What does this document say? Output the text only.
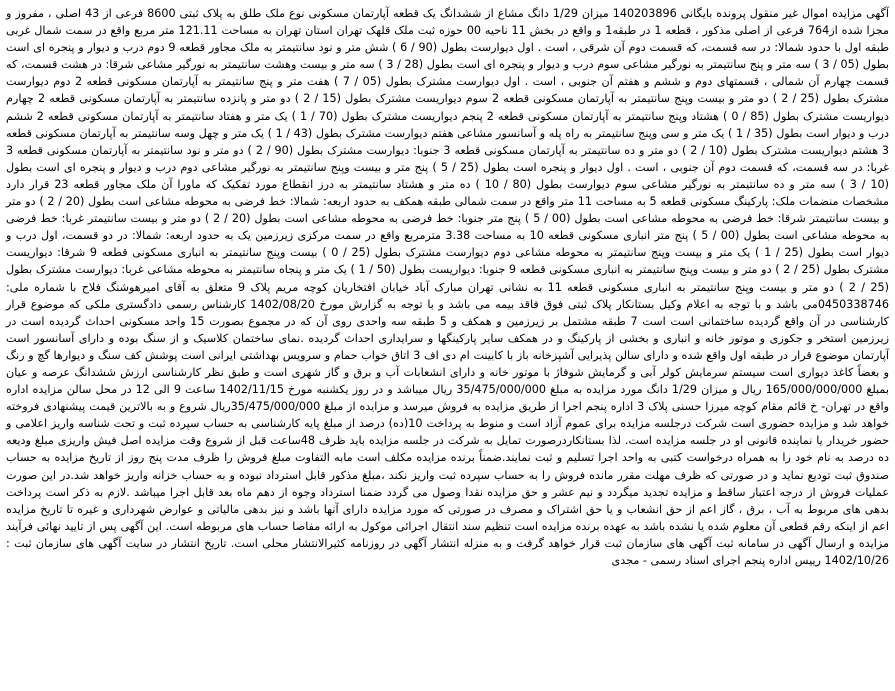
آگهی مزایده اموال غیر منقول پرونده بایگانی 140203896 میزان 1/29 دانگ مشاع از ششدانگ یک قطعه آپارتمان مسکونی نوع ملک طلق به پلاک ثبتی 8600 فرعی از 43 اصلی ، مفروز و مجزا شده از764 فرعی از اصلی مذکور ، قطعه 1 در طبقه1 و واقع در بخش 11 ناحیه 00 حوزه ثبت ملک قلهک تهران استان تهران به مساحت 121.11 متر مربع واقع در سمت شمال غربی طبقه اول با حدود شمالا: در سه قسمت، که قسمت دوم آن شرقی ، است . اول دیوارست بطول (90 / 6 ) شش متر و نود سانتیمتر به ملک مجاور قطعه 9 دوم درب و دیوار و پنجره ای است بطول (05 / 3 ) سه متر و پنج سانتیمتر به نورگیر مشاعی سوم درب و دیوار و پنجره ای است بطول (28 / 3 ) سه متر و بیست وهشت سانتیمتر به نورگیر مشاعی شرقا: در هشت قسمت، که قسمت چهارم آن شمالی ، قسمتهای دوم و ششم و هفتم آن جنوبی ، است . اول دیوارست مشترک بطول (05 / 7 ) هفت متر و پنج سانتیمتر به آپارتمان مسکونی قطعه 2 دوم دیوارست مشترک بطول (25 / 2 ) دو متر و بیست وپنج سانتیمتر به آپارتمان مسکونی قطعه 2 سوم دیواریست مشترک بطول (15 / 2 ) دو متر و پانزده سانتیمتر به آپارتمان مسکونی قطعه 2 چهارم دیواریست مشترک بطول (85 / 0 ) هشتاد وپنج سانتیمتر به آپارتمان مسکونی قطعه 2 پنجم دیواریست مشترک بطول (70 / 1 ) یک متر و هفتاد سانتیمتر به آپارتمان مسکونی قطعه 2 ششم درب و دیوار است بطول (35 / 1 ) یک متر و سی وپنج سانتیمتر به راه پله و آسانسور مشاعی هفتم دیوارست مشترک بطول (43 / 1 ) یک متر و چهل وسه سانتیمتر به آپارتمان مسکونی قطعه 3 هشتم دیواریست مشترک بطول (10 / 2 ) دو متر و ده سانتیمتر به آپارتمان مسکونی قطعه 3 جنوبا: دیوارست مشترک بطول (90 / 2 ) دو متر و نود سانتیمتر به آپارتمان مسکونی قطعه 3 غربا: در سه قسمت، که قسمت دوم آن جنوبی ، است . اول دیوار و پنجره است بطول (25 / 5 ) پنج متر و بیست وپنج سانتیمتر به نورگیر مشاعی دوم درب و دیوار و پنجره ای است بطول (10 / 3 ) سه متر و ده سانتیمتر به نورگیر مشاعی سوم دیوارست بطول (80 / 10 ) ده متر و هشتاد سانتیمتر به درز انقطاع مورد تفکیک که ماورا آن ملک مجاور قطعه 23 قرار دارد مشخصات منضمات ملک: پارکینگ مسکونی قطعه 5 به مساحت 11 متر واقع در سمت شمالی طبقه همکف به حدود اربعه: شمالا: خط فرضی به محوطه مشاعی است بطول (20 / 2 ) دو متر و بیست سانتیمتر شرقا: خط فرضی به محوطه مشاعی است بطول (00 / 5 ) پنج متر جنوبا: خط فرضی به محوطه مشاعی است بطول (20 / 2 ) دو متر و بیست سانتیمتر غربا: خط فرضی به محوطه مشاعی است بطول (00 / 5 ) پنج متر انباری مسکونی قطعه 10 به مساحت 3.38 مترمربع واقع در سمت مرکزی زیرزمین یک به حدود اربعه: شمالا: در دو قسمت، اول درب و دیوار است بطول (25 / 1 ) یک متر و بیست وپنج سانتیمتر به محوطه مشاعی دوم دیوارست مشترک بطول (25 / 0 ) بیست وپنج سانتیمتر به انباری مسکونی قطعه 9 شرقا: دیواریست مشترک بطول (25 / 2 ) دو متر و بیست وپنج سانتیمتر به انباری مسکونی قطعه 9 جنوبا: دیواریست بطول (50 / 1 ) یک متر و پنجاه سانتیمتر به محوطه مشاعی غربا: دیوارست مشترک بطول (25 / 2 ) دو متر و بیست وپنج سانتیمتر به انباری مسکونی قطعه 11 به نشانی تهران مبارک آباد خیابان افتخاریان کوچه مریم پلاک 9 متعلق به آقای امیرهوشنگ فلاح با شماره ملی: 0450338746می باشد و با توجه به اعلام وکیل بستانکار پلاک ثبتی فوق فاقد بیمه می باشد و با توجه به گزارش مورخ 1402/08/20 کارشناس رسمی دادگستری ملکی که موضوع قرار کارشناسی در آن واقع گردیده ساختمانی است است 7 طبقه مشتمل بر زیرزمین و همکف و 5 طبقه سه واحدی روی آن که در مجموع بصورت 15 واحد مسکونی احداث گردیده است در زیرزمین استخر و جکوزی و موتور خانه و انباری و بخشی از پارکینگ و در همکف سایر پارکینگها و سرایداری احداث گردیده .نمای ساختمان کلاسیک و از سنگ بوده و دارای آسانسور است آپارتمان موضوع قرار در طبقه اول واقع شده و دارای سالن پذیرایی آشپزخانه باز با کابینت ام دی اف 3 اتاق خواب حمام و سرویس بهداشتی ایرانی است پوشش کف سنگ و دیوارها گچ و رنگ و بعضاً کاغذ دیواری است سیستم سرمایش کولر آبی و گرمایش شوفاژ با موتور خانه و دارای انشعابات آب و برق و گاز شهری است و طبق نظر کارشناسی ارزش ششدانگ عرصه و عیان بمبلغ 165/000/000/000 ریال و میزان 1/29 دانگ مورد مزایده به مبلغ 35/475/000/000 ریال میباشد و در روز یکشنبه مورخ 1402/11/15 ساعت 9 الی 12 در محل سالن مزایده اداره واقع در تهران- خ قائم مقام کوچه میرزا حسنی پلاک 3 اداره پنجم اجرا از طریق مزایده به فروش میرسد و مزایده از مبلغ 35/475/000/000ریال شروع و به بالاترین قیمت پیشنهادی فروخته خواهد شد و مزایده حضوری است شرکت درجلسه مزایده برای عموم آزاد است و منوط به پرداخت 10(ده) درصد از مبلغ پایه کارشناسی به حساب سپرده ثبت و تحت شناسه واریز اعلامی و حضور خریدار یا نماینده قانونی او در جلسه مزایده است. لذا بستانکاردرصورت تمایل به شرکت در جلسه مزایده باید ظرف 48ساعت قبل از شروع وقت مزایده اصل فیش واریزی مبلغ ودیعه ده درصد به نام خود را به همراه درخواست کتبی به واحد اجرا تسلیم و ثبت نمایند.ضمناً برنده مزایده مکلف است مابه التفاوت مبلغ فروش را ظرف مدت پنج روز از تاریخ مزایده به حساب صندوق ثبت تودیع نماید و در صورتی که ظرف مهلت مقرر مانده فروش را به حساب سپرده ثبت واریز نکند ،مبلغ مذکور قابل استرداد نبوده و به حساب خزانه واریز خواهد شد.در این صورت عملیات فروش از درجه اعتبار ساقط و مزایده تجدید میگردد و نیم عشر و حق مزایده نقدا وصول می گردد ضمنا استرداد وجوه از دهم ماه بعد قابل اجرا میباشد .لازم به ذکر است پرداخت بدهی های مربوط به آب ، برق ، گاز اعم از حق انشعاب و یا حق اشتراک و مصرف در صورتی که مورد مزایده دارای آنها باشد و نیز بدهی مالیاتی و عوارض شهرداری و غیره تا تاریخ مزایده اعم از اینکه رقم قطعی آن معلوم شده یا نشده باشد به عهده برنده مزایده است تنظیم سند انتقال اجرائی موکول به ارائه مفاصا حساب های مربوطه است. این آگهی پس از تایید نهائی فرآیند مزایده و ارسال آگهی در سامانه ثبت آگهی های سازمان ثبت قرار خواهد گرفت و به منزله انتشار آگهی در روزنامه کثیرالانتشار محلی است. تاریخ انتشار در سایت آگهی های سازمان ثبت : 1402/10/26 رییس اداره پنجم اجرای اسناد رسمی - مجدی
